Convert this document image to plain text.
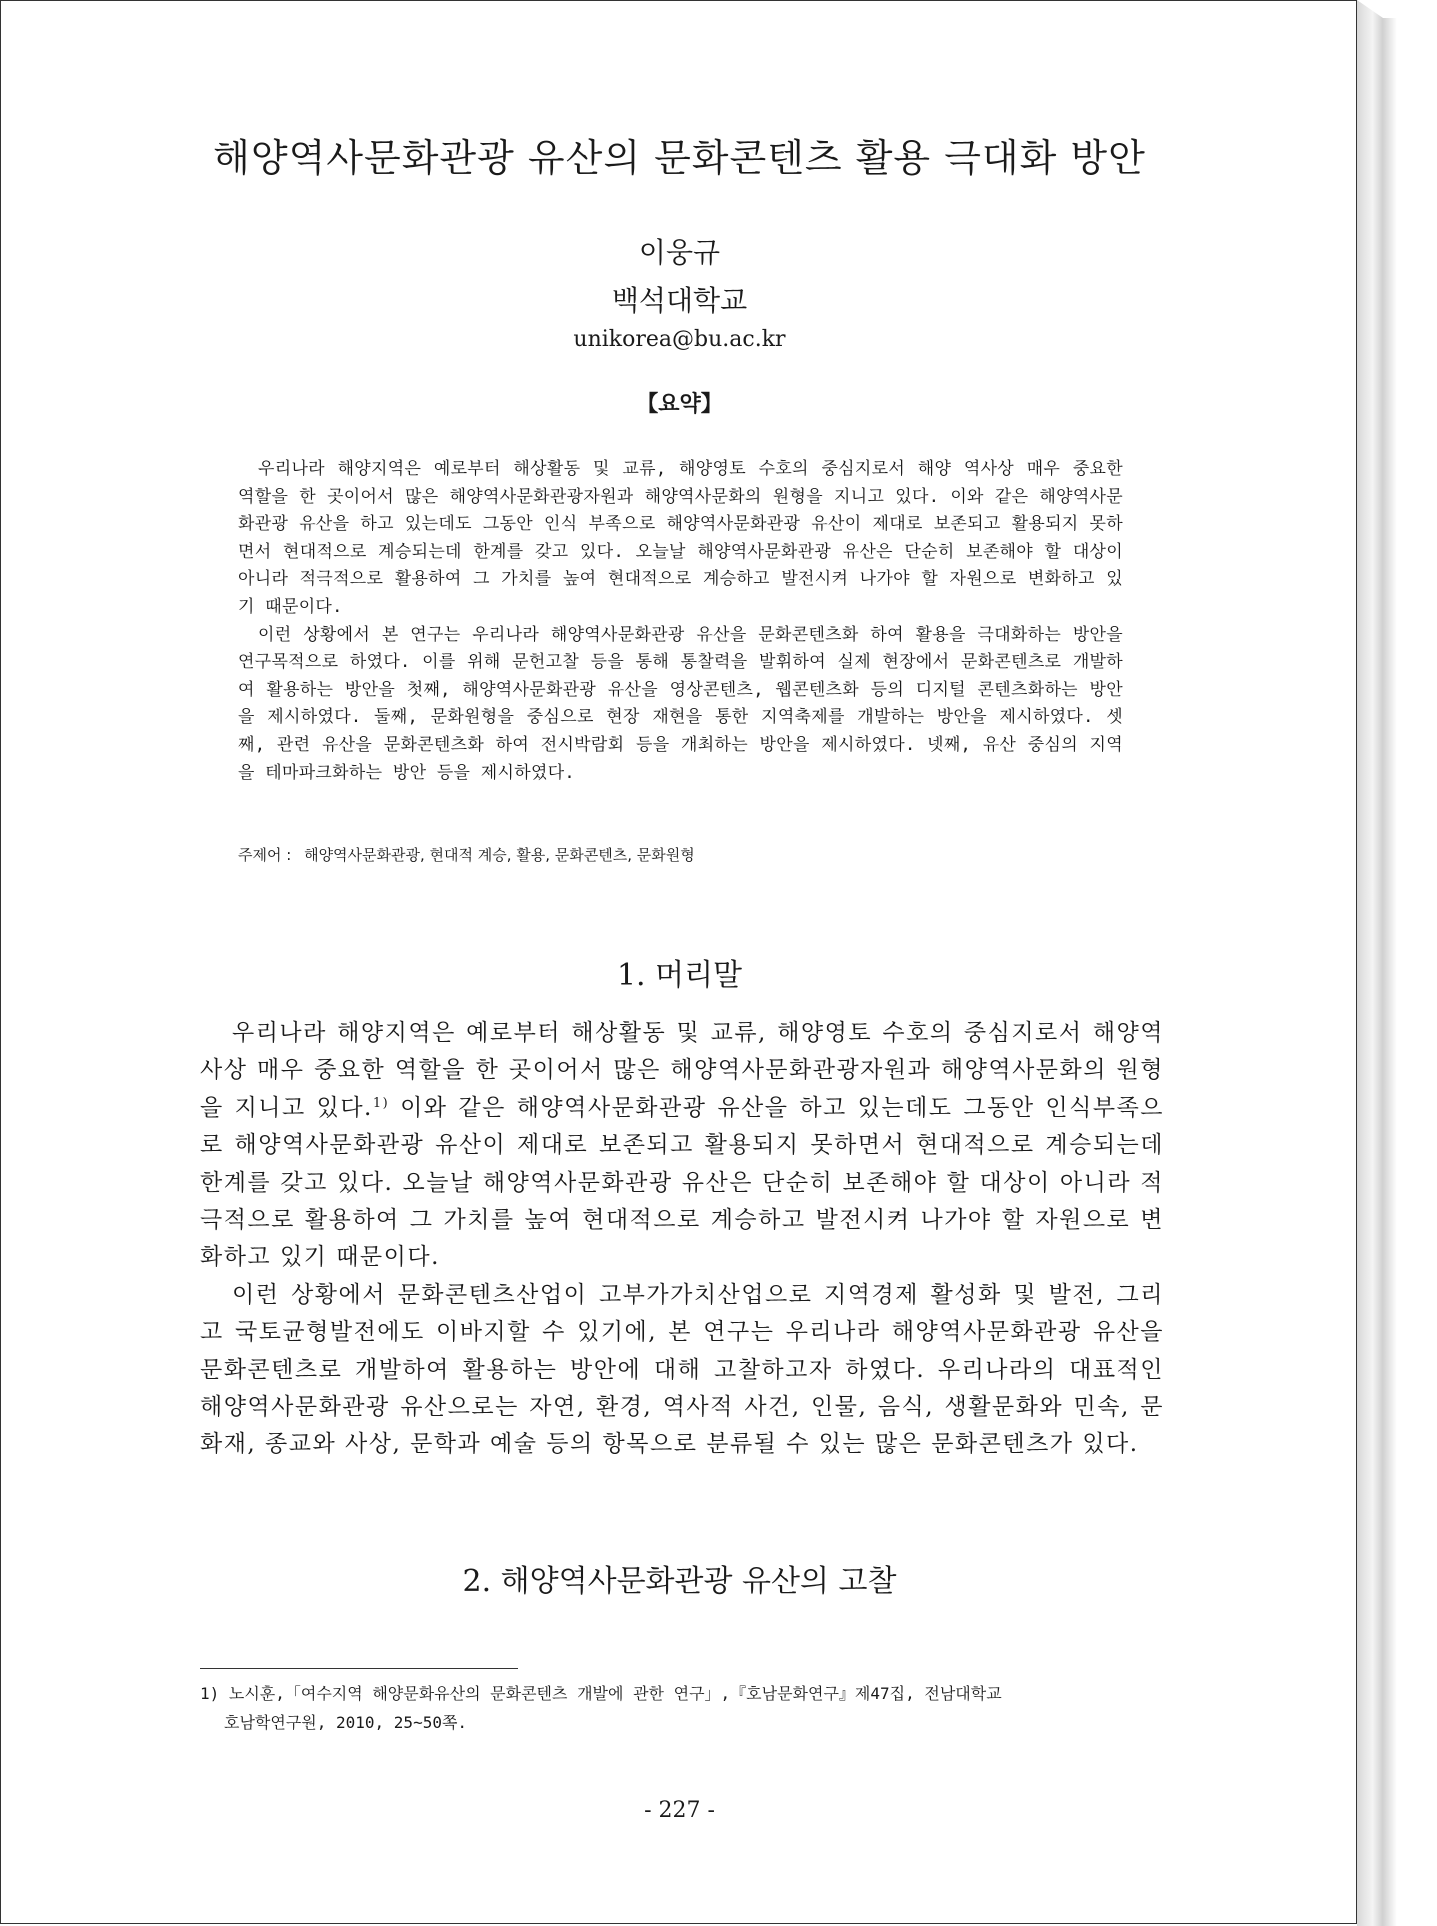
해양역사문화관광 유산의 문화콘텐츠 활용 극대화 방안
이웅규
백석대학교
unikorea@bu.ac.kr
【요약】

우리나라 해양지역은 예로부터 해상활동 및 교류, 해양영토 수호의 중심지로서 해양 역사상 매우 중요한 역할을 한 곳이어서 많은 해양역사문화관광자원과 해양역사문화의 원형을 지니고 있다. 이와 같은 해양역사문화관광 유산을 하고 있는데도 그동안 인식 부족으로 해양역사문화관광 유산이 제대로 보존되고 활용되지 못하면서 현대적으로 계승되는데 한계를 갖고 있다. 오늘날 해양역사문화관광 유산은 단순히 보존해야 할 대상이 아니라 적극적으로 활용하여 그 가치를 높여 현대적으로 계승하고 발전시켜 나가야 할 자원으로 변화하고 있기 때문이다.

이런 상황에서 본 연구는 우리나라 해양역사문화관광 유산을 문화콘텐츠화 하여 활용을 극대화하는 방안을 연구목적으로 하였다. 이를 위해 문헌고찰 등을 통해 통찰력을 발휘하여 실제 현장에서 문화콘텐츠로 개발하여 활용하는 방안을 첫째, 해양역사문화관광 유산을 영상콘텐츠, 웹콘텐츠화 등의 디지털 콘텐츠화하는 방안을 제시하였다. 둘째, 문화원형을 중심으로 현장 재현을 통한 지역축제를 개발하는 방안을 제시하였다. 셋째, 관련 유산을 문화콘텐츠화 하여 전시박람회 등을 개최하는 방안을 제시하였다. 넷째, 유산 중심의 지역을 테마파크화하는 방안 등을 제시하였다.

주제어 : 해양역사문화관광, 현대적 계승, 활용, 문화콘텐츠, 문화원형
1. 머리말

우리나라 해양지역은 예로부터 해상활동 및 교류, 해양영토 수호의 중심지로서 해양역사상 매우 중요한 역할을 한 곳이어서 많은 해양역사문화관광자원과 해양역사문화의 원형을 지니고 있다.$^{1)}$ 이와 같은 해양역사문화관광 유산을 하고 있는데도 그동안 인식부족으로 해양역사문화관광 유산이 제대로 보존되고 활용되지 못하면서 현대적으로 계승되는데 한계를 갖고 있다. 오늘날 해양역사문화관광 유산은 단순히 보존해야 할 대상이 아니라 적극적으로 활용하여 그 가치를 높여 현대적으로 계승하고 발전시켜 나가야 할 자원으로 변화하고 있기 때문이다.

이런 상황에서 문화콘텐츠산업이 고부가가치산업으로 지역경제 활성화 및 발전, 그리고 국토균형발전에도 이바지할 수 있기에, 본 연구는 우리나라 해양역사문화관광 유산을 문화콘텐츠로 개발하여 활용하는 방안에 대해 고찰하고자 하였다. 우리나라의 대표적인 해양역사문화관광 유산으로는 자연, 환경, 역사적 사건, 인물, 음식, 생활문화와 민속, 문화재, 종교와 사상, 문학과 예술 등의 항목으로 분류될 수 있는 많은 문화콘텐츠가 있다.

2. 해양역사문화관광 유산의 고찰
1) 노시훈,「여수지역 해양문화유산의 문화콘텐츠 개발에 관한 연구」,『호남문화연구』제47집, 전남대학교
호남학연구원, 2010, 25~50쪽.
- 227 -
